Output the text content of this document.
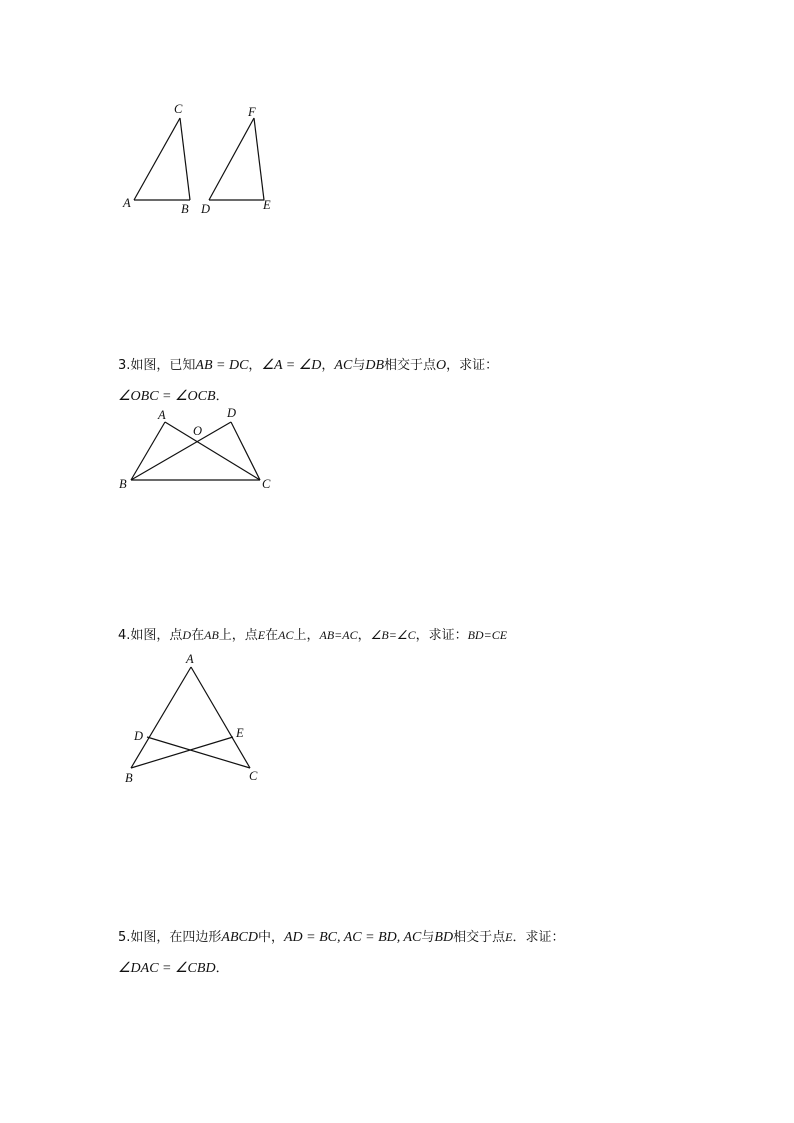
A	B
C
D	E
F
3.如图，已知AB = DC，∠A = ∠D，AC与DB相交于点O，求证：
∠OBC = ∠OCB．
A	D
O
B	C
4.如图，点D在AB上，点E在AC上，AB=AC，∠B=∠C，求证：BD=CE
A
D	E
B	C
5.如图，在四边形ABCD中，AD = BC, AC = BD, AC与BD相交于点E．求证：
∠DAC = ∠CBD．
